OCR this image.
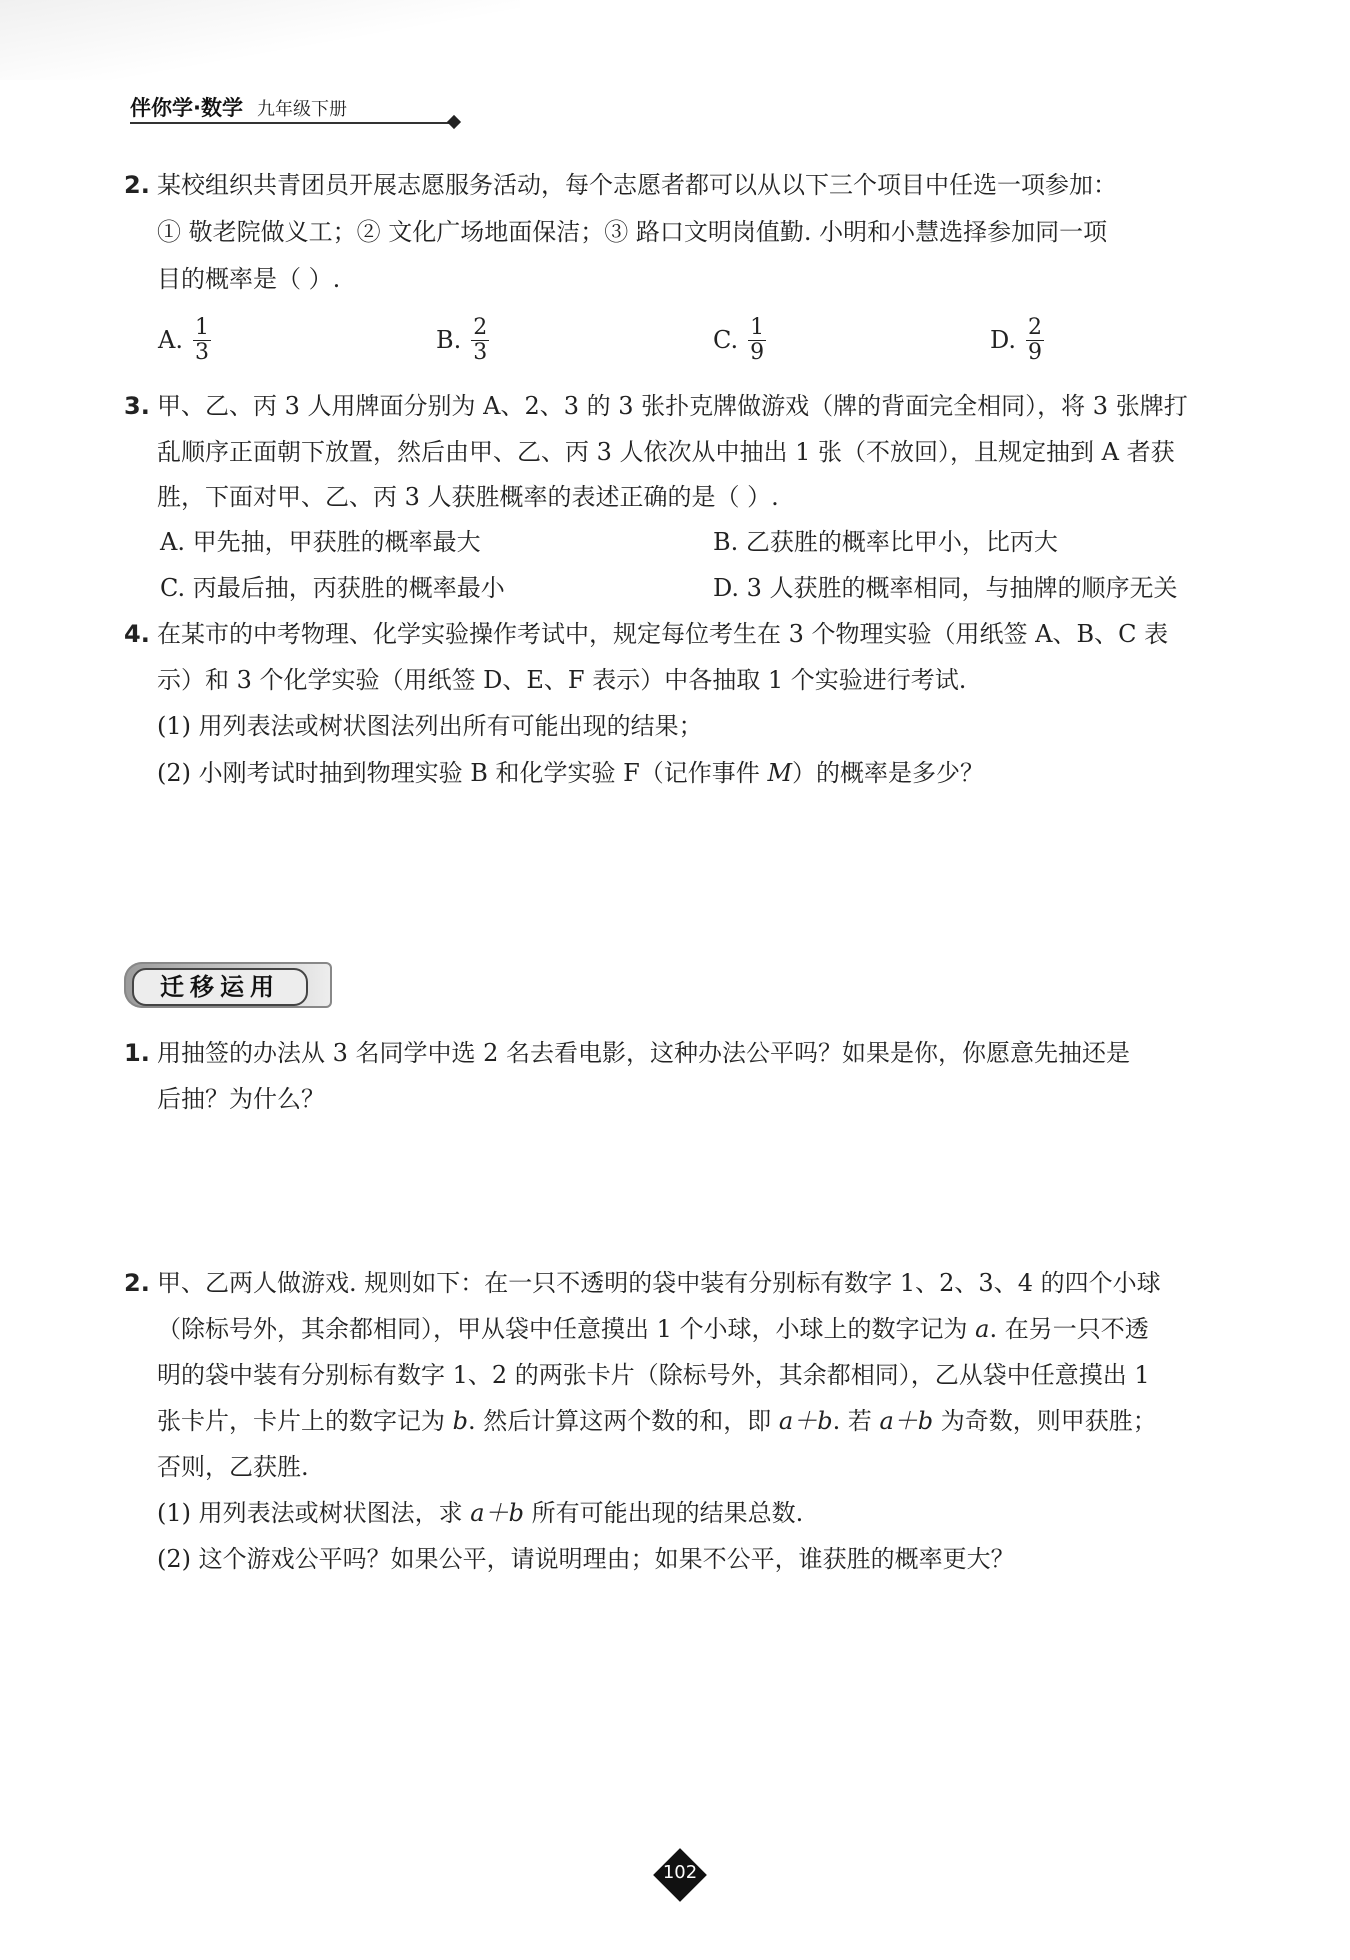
伴你学·数学 九年级下册
2. 某校组织共青团员开展志愿服务活动，每个志愿者都可以从以下三个项目中任选一项参加：
① 敬老院做义工；② 文化广场地面保洁；③ 路口文明岗值勤. 小明和小慧选择参加同一项
目的概率是（ ）.
A. $\frac{1}{3}$	B. $\frac{2}{3}$	C. $\frac{1}{9}$	D. $\frac{2}{9}$
3. 甲、乙、丙 3 人用牌面分别为 A、2、3 的 3 张扑克牌做游戏（牌的背面完全相同），将 3 张牌打
乱顺序正面朝下放置，然后由甲、乙、丙 3 人依次从中抽出 1 张（不放回），且规定抽到 A 者获
胜，下面对甲、乙、丙 3 人获胜概率的表述正确的是（ ）.
A. 甲先抽，甲获胜的概率最大	B. 乙获胜的概率比甲小，比丙大
C. 丙最后抽，丙获胜的概率最小	D. 3 人获胜的概率相同，与抽牌的顺序无关
4. 在某市的中考物理、化学实验操作考试中，规定每位考生在 3 个物理实验（用纸签 A、B、C 表
示）和 3 个化学实验（用纸签 D、E、F 表示）中各抽取 1 个实验进行考试.
(1) 用列表法或树状图法列出所有可能出现的结果；
(2) 小刚考试时抽到物理实验 B 和化学实验 F（记作事件 M）的概率是多少？
迁移运用
1. 用抽签的办法从 3 名同学中选 2 名去看电影，这种办法公平吗？如果是你，你愿意先抽还是
后抽？为什么？
2. 甲、乙两人做游戏. 规则如下：在一只不透明的袋中装有分别标有数字 1、2、3、4 的四个小球
（除标号外，其余都相同），甲从袋中任意摸出 1 个小球，小球上的数字记为 a. 在另一只不透
明的袋中装有分别标有数字 1、2 的两张卡片（除标号外，其余都相同），乙从袋中任意摸出 1
张卡片，卡片上的数字记为 b. 然后计算这两个数的和，即 a＋b. 若 a＋b 为奇数，则甲获胜；
否则，乙获胜.
(1) 用列表法或树状图法，求 a＋b 所有可能出现的结果总数.
(2) 这个游戏公平吗？如果公平，请说明理由；如果不公平，谁获胜的概率更大？
102
